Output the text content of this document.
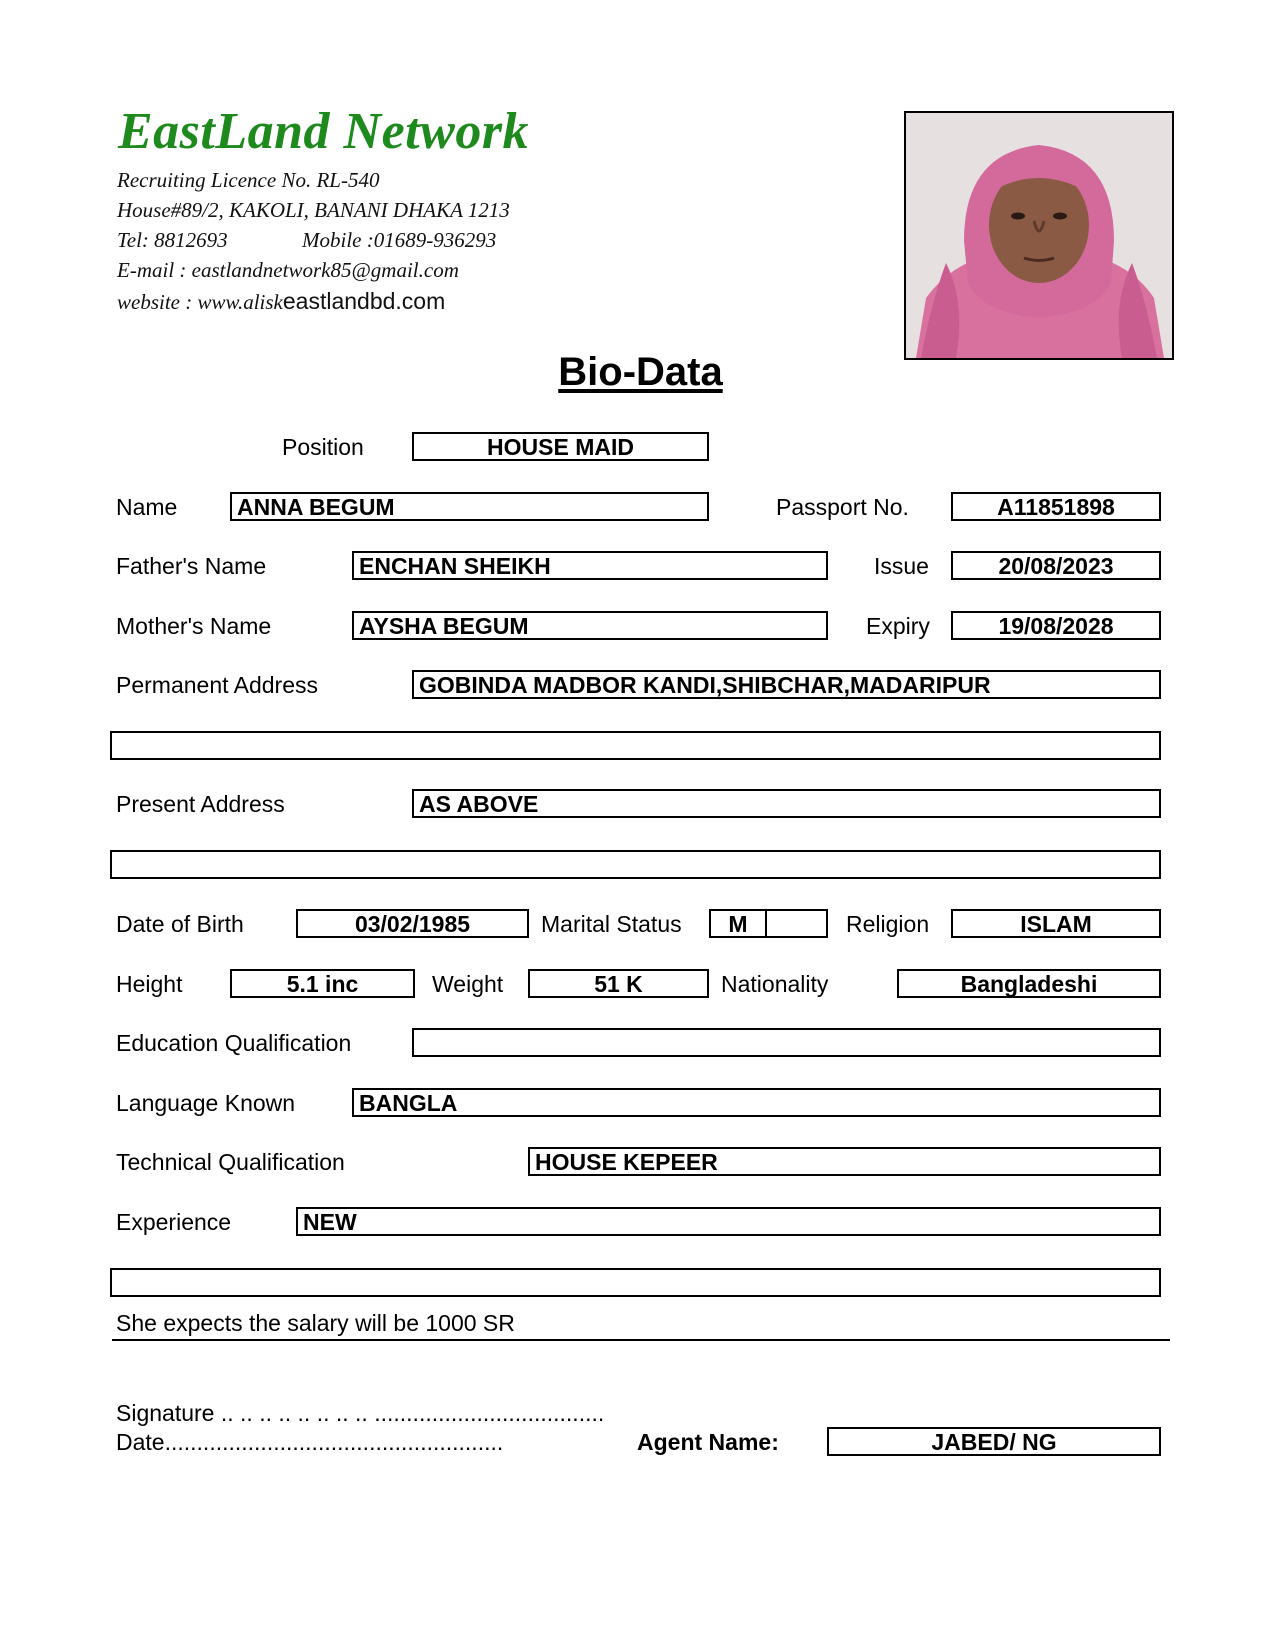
EastLand Network
Recruiting Licence No. RL-540
House#89/2, KAKOLI, BANANI DHAKA 1213
Tel: 8812693	Mobile :01689-936293
E-mail : eastlandnetwork85@gmail.com
website : www.aliskeastlandbd.com
Bio-Data
Position	HOUSE MAID
Name	ANNA BEGUM	Passport No.	A11851898
Father's Name	ENCHAN SHEIKH	Issue	20/08/2023
Mother's Name	AYSHA BEGUM	Expiry	19/08/2028
Permanent Address	GOBINDA MADBOR KANDI,SHIBCHAR,MADARIPUR
Present Address	AS ABOVE
Date of Birth	03/02/1985	Marital Status	M	Religion	ISLAM
Height	5.1 inc	Weight	51 K	Nationality	Bangladeshi
Education Qualification
Language Known	BANGLA
Technical Qualification	HOUSE KEPEER
Experience	NEW
She expects the salary will be 1000 SR
Signature .. .. .. .. .. .. .. .. ....................................
Date.....................................................	Agent Name:	JABED/ NG
